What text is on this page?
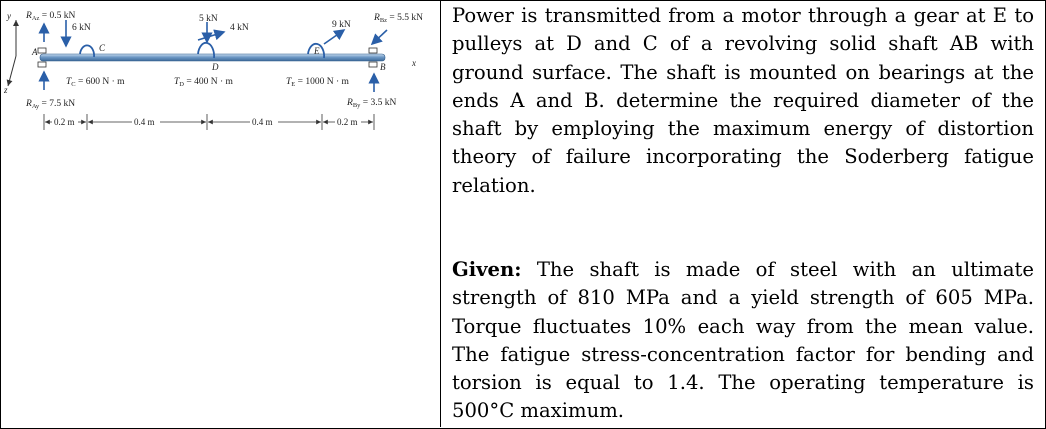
y
z
x
A
B
C
D
E
$R_{Az} = 0.5$ kN
6 kN
5 kN
4 kN	9 kN
$R_{Bz} = 5.5$ kN
$T_C = 600$ N · m	$T_D = 400$ N · m	$T_E = 1000$ N · m
$R_{Ay} = 7.5$ kN	$R_{By} = 3.5$ kN
0.2 m	0.4 m	0.4 m	0.2 m

Power is transmitted from a motor through a gear at E to pulleys at D and C of a revolving solid shaft AB with ground surface. The shaft is mounted on bearings at the ends A and B. determine the required diameter of the shaft by employing the maximum energy of distortion theory of failure incorporating the Soderberg fatigue relation.

Given: The shaft is made of steel with an ultimate strength of 810 MPa and a yield strength of 605 MPa. Torque fluctuates 10% each way from the mean value. The fatigue stress-concentration factor for bending and torsion is equal to 1.4. The operating temperature is 500°C maximum.
